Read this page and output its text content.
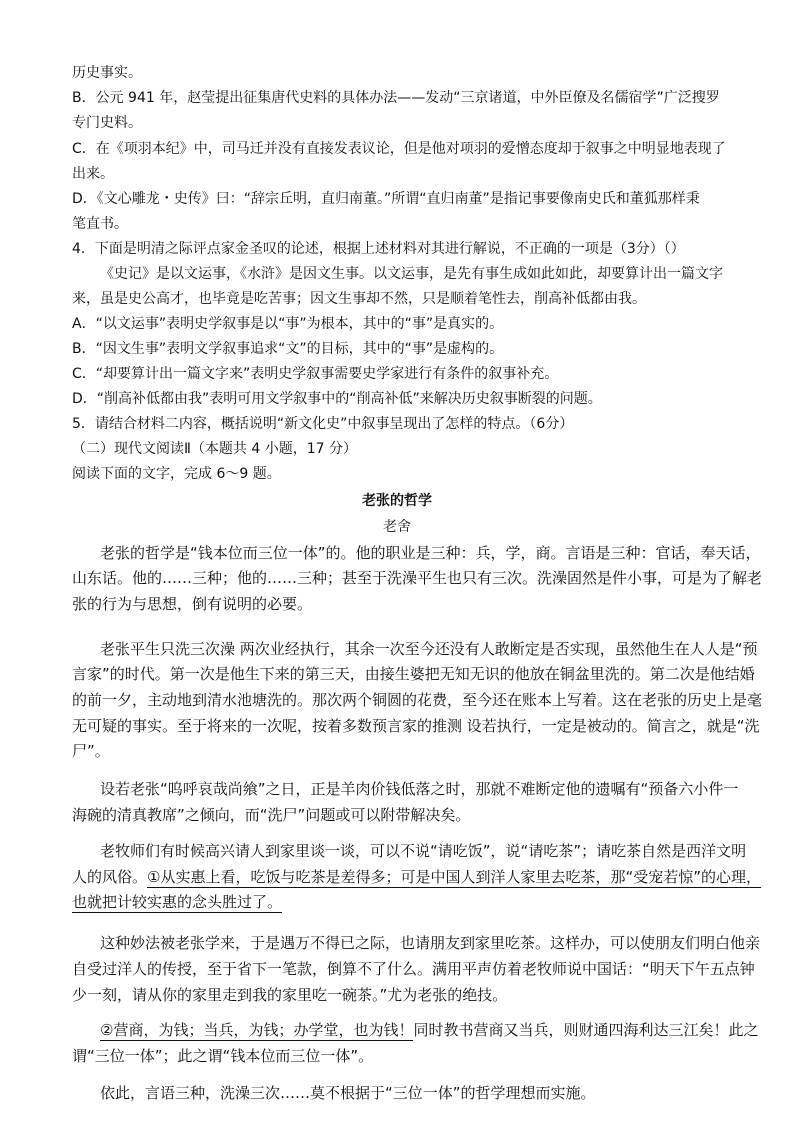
历史事实。
B．公元 941 年，赵莹提出征集唐代史料的具体办法——发动“三京诸道，中外臣僚及名儒宿学”广泛搜罗
专门史料。
C．在《项羽本纪》中，司马迁并没有直接发表议论，但是他对项羽的爱憎态度却于叙事之中明显地表现了
出来。
D．《文心雕龙・史传》曰：“辞宗丘明，直归南董。”所谓“直归南董”是指记事要像南史氏和董狐那样秉
笔直书。
4．下面是明清之际评点家金圣叹的论述，根据上述材料对其进行解说，不正确的一项是（3分）（）
《史记》是以文运事，《水浒》是因文生事。以文运事，是先有事生成如此如此，却要算计出一篇文字
来，虽是史公高才，也毕竟是吃苦事；因文生事却不然，只是顺着笔性去，削高补低都由我。
A．“以文运事”表明史学叙事是以“事”为根本，其中的“事”是真实的。
B．“因文生事”表明文学叙事追求“文”的目标，其中的“事”是虚构的。
C．“却要算计出一篇文字来”表明史学叙事需要史学家进行有条件的叙事补充。
D．“削高补低都由我”表明可用文学叙事中的“削高补低”来解决历史叙事断裂的问题。
5．请结合材料二内容，概括说明“新文化史”中叙事呈现出了怎样的特点。（6分）
（二）现代文阅读Ⅱ（本题共 4 小题，17 分）
阅读下面的文字，完成 6～9 题。
老张的哲学
老舍
老张的哲学是“钱本位而三位一体”的。他的职业是三种：兵，学，商。言语是三种：官话，奉天话，
山东话。他的……三种；他的……三种；甚至于洗澡平生也只有三次。洗澡固然是件小事，可是为了解老
张的行为与思想，倒有说明的必要。
老张平生只洗三次澡 两次业经执行，其余一次至今还没有人敢断定是否实现，虽然他生在人人是“预
言家”的时代。第一次是他生下来的第三天，由接生婆把无知无识的他放在铜盆里洗的。第二次是他结婚
的前一夕，主动地到清水池塘洗的。那次两个铜圆的花费，至今还在账本上写着。这在老张的历史上是毫
无可疑的事实。至于将来的一次呢，按着多数预言家的推测 设若执行，一定是被动的。简言之，就是“洗
尸”。
设若老张“呜呼哀哉尚飨”之日，正是羊肉价钱低落之时，那就不难断定他的遗嘱有“预备六小件一
海碗的清真教席”之倾向，而“洗尸”问题或可以附带解决矣。
老牧师们有时候高兴请人到家里谈一谈，可以不说“请吃饭”，说“请吃茶”；请吃茶自然是西洋文明
人的风俗。①从实惠上看，吃饭与吃茶是差得多；可是中国人到洋人家里去吃茶，那“受宠若惊”的心理，
也就把计较实惠的念头胜过了。
这种妙法被老张学来，于是遇万不得已之际，也请朋友到家里吃茶。这样办，可以使朋友们明白他亲
自受过洋人的传授，至于省下一笔款，倒算不了什么。满用平声仿着老牧师说中国话：“明天下午五点钟
少一刻，请从你的家里走到我的家里吃一碗茶。”尤为老张的绝技。
②营商，为钱；当兵，为钱；办学堂，也为钱！同时教书营商又当兵，则财通四海利达三江矣！此之
谓“三位一体”；此之谓“钱本位而三位一体”。
依此，言语三种，洗澡三次……莫不根据于“三位一体”的哲学理想而实施。
